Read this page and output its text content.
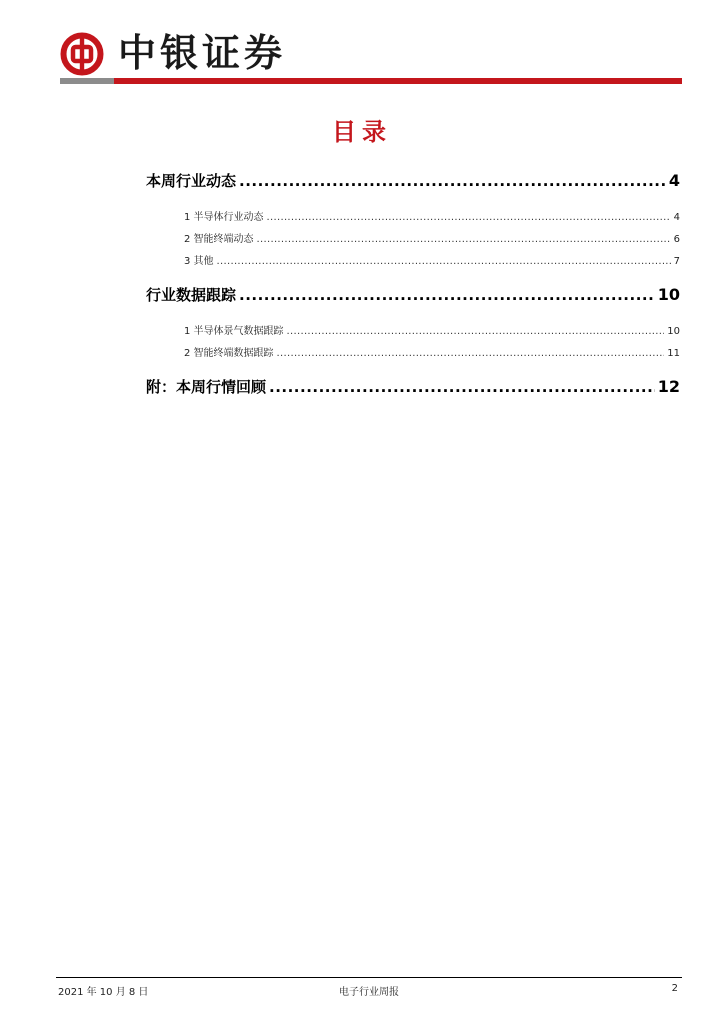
中银证券
目录
本周行业动态 .....	4
1 半导体行业动态 .....	4
2 智能终端动态 .....	6
3 其他 .....	7
行业数据跟踪 .....	10
1 半导体景气数据跟踪 .....	10
2 智能终端数据跟踪 .....	11
附：本周行情回顾 .....	12
2021 年 10 月 8 日	电子行业周报	2
